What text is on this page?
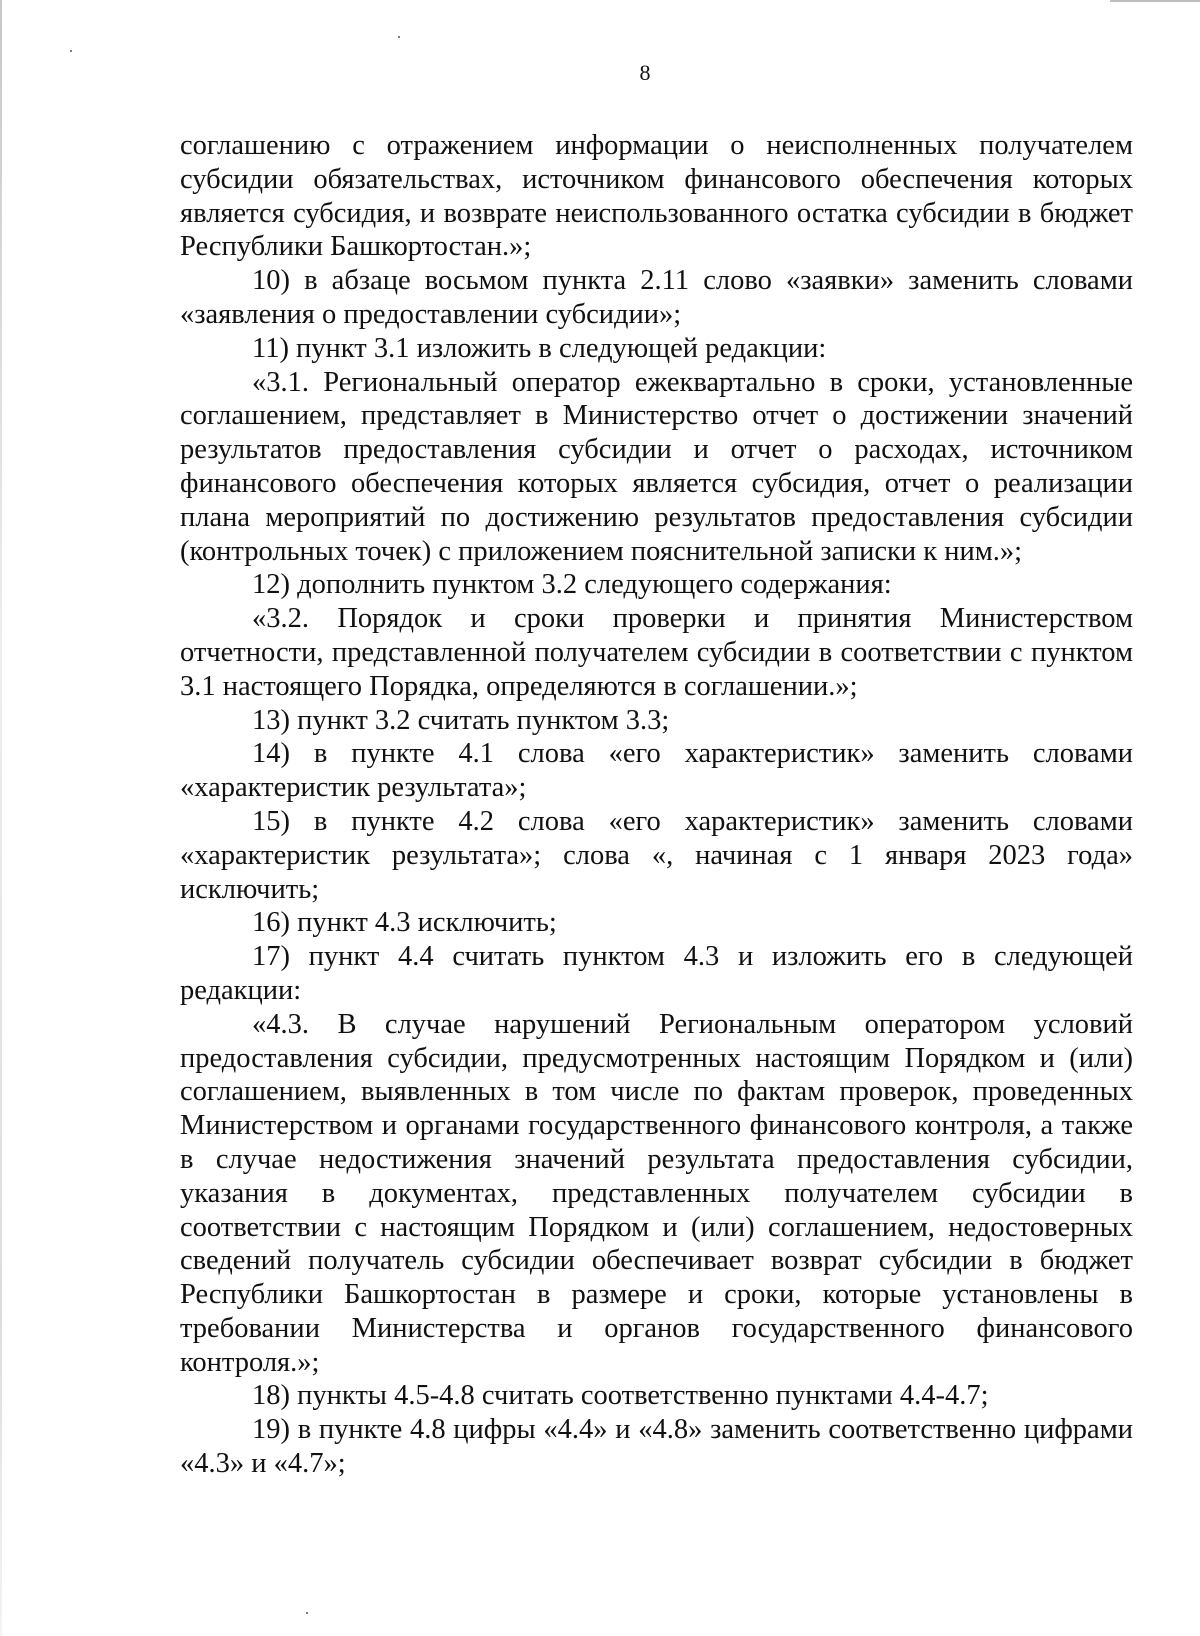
8

соглашению с отражением информации о неисполненных получателем субсидии обязательствах, источником финансового обеспечения которых является субсидия, и возврате неиспользованного остатка субсидии в бюджет Республики Башкортостан.»;

10) в абзаце восьмом пункта 2.11 слово «заявки» заменить словами «заявления о предоставлении субсидии»;

11) пункт 3.1 изложить в следующей редакции:

«3.1. Региональный оператор ежеквартально в сроки, установленные соглашением, представляет в Министерство отчет о достижении значений результатов предоставления субсидии и отчет о расходах, источником финансового обеспечения которых является субсидия, отчет о реализации плана мероприятий по достижению результатов предоставления субсидии (контрольных точек) с приложением пояснительной записки к ним.»;

12) дополнить пунктом 3.2 следующего содержания:

«3.2. Порядок и сроки проверки и принятия Министерством отчетности, представленной получателем субсидии в соответствии с пунктом 3.1 настоящего Порядка, определяются в соглашении.»;

13) пункт 3.2 считать пунктом 3.3;

14) в пункте 4.1 слова «его характеристик» заменить словами «характеристик результата»;

15) в пункте 4.2 слова «его характеристик» заменить словами «характеристик результата»; слова «, начиная с 1 января 2023 года» исключить;

16) пункт 4.3 исключить;

17) пункт 4.4 считать пунктом 4.3 и изложить его в следующей редакции:

«4.3. В случае нарушений Региональным оператором условий предоставления субсидии, предусмотренных настоящим Порядком и (или) соглашением, выявленных в том числе по фактам проверок, проведенных Министерством и органами государственного финансового контроля, а также в случае недостижения значений результата предоставления субсидии, указания в документах, представленных получателем субсидии в соответствии с настоящим Порядком и (или) соглашением, недостоверных сведений получатель субсидии обеспечивает возврат субсидии в бюджет Республики Башкортостан в размере и сроки, которые установлены в требовании Министерства и органов государственного финансового контроля.»;

18) пункты 4.5-4.8 считать соответственно пунктами 4.4-4.7;

19) в пункте 4.8 цифры «4.4» и «4.8» заменить соответственно цифрами «4.3» и «4.7»;
